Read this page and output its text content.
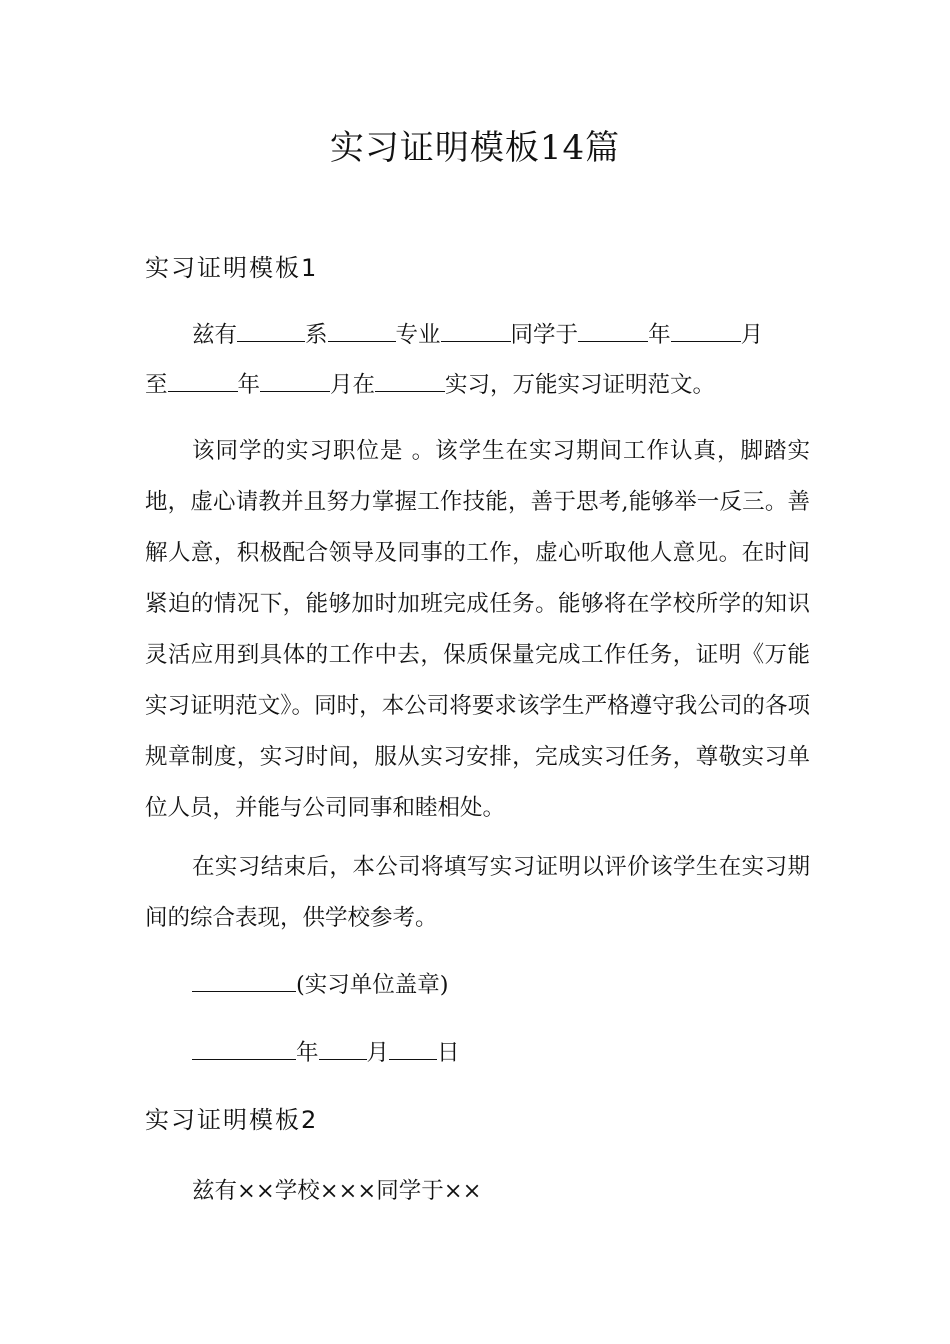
实习证明模板14篇
实习证明模板1
兹有	系	专业	同学于	年	月
至	年	月在	实习，万能实习证明范文。

该同学的实习职位是 。该学生在实习期间工作认真，脚踏实地，虚心请教并且努力掌握工作技能，善于思考,能够举一反三。善解人意，积极配合领导及同事的工作，虚心听取他人意见。在时间紧迫的情况下，能够加时加班完成任务。能够将在学校所学的知识灵活应用到具体的工作中去，保质保量完成工作任务，证明《万能实习证明范文》。同时，本公司将要求该学生严格遵守我公司的各项规章制度，实习时间，服从实习安排，完成实习任务，尊敬实习单位人员，并能与公司同事和睦相处。

在实习结束后，本公司将填写实习证明以评价该学生在实习期间的综合表现，供学校参考。

(实习单位盖章)
年 月 日
实习证明模板2
兹有××学校×××同学于××
